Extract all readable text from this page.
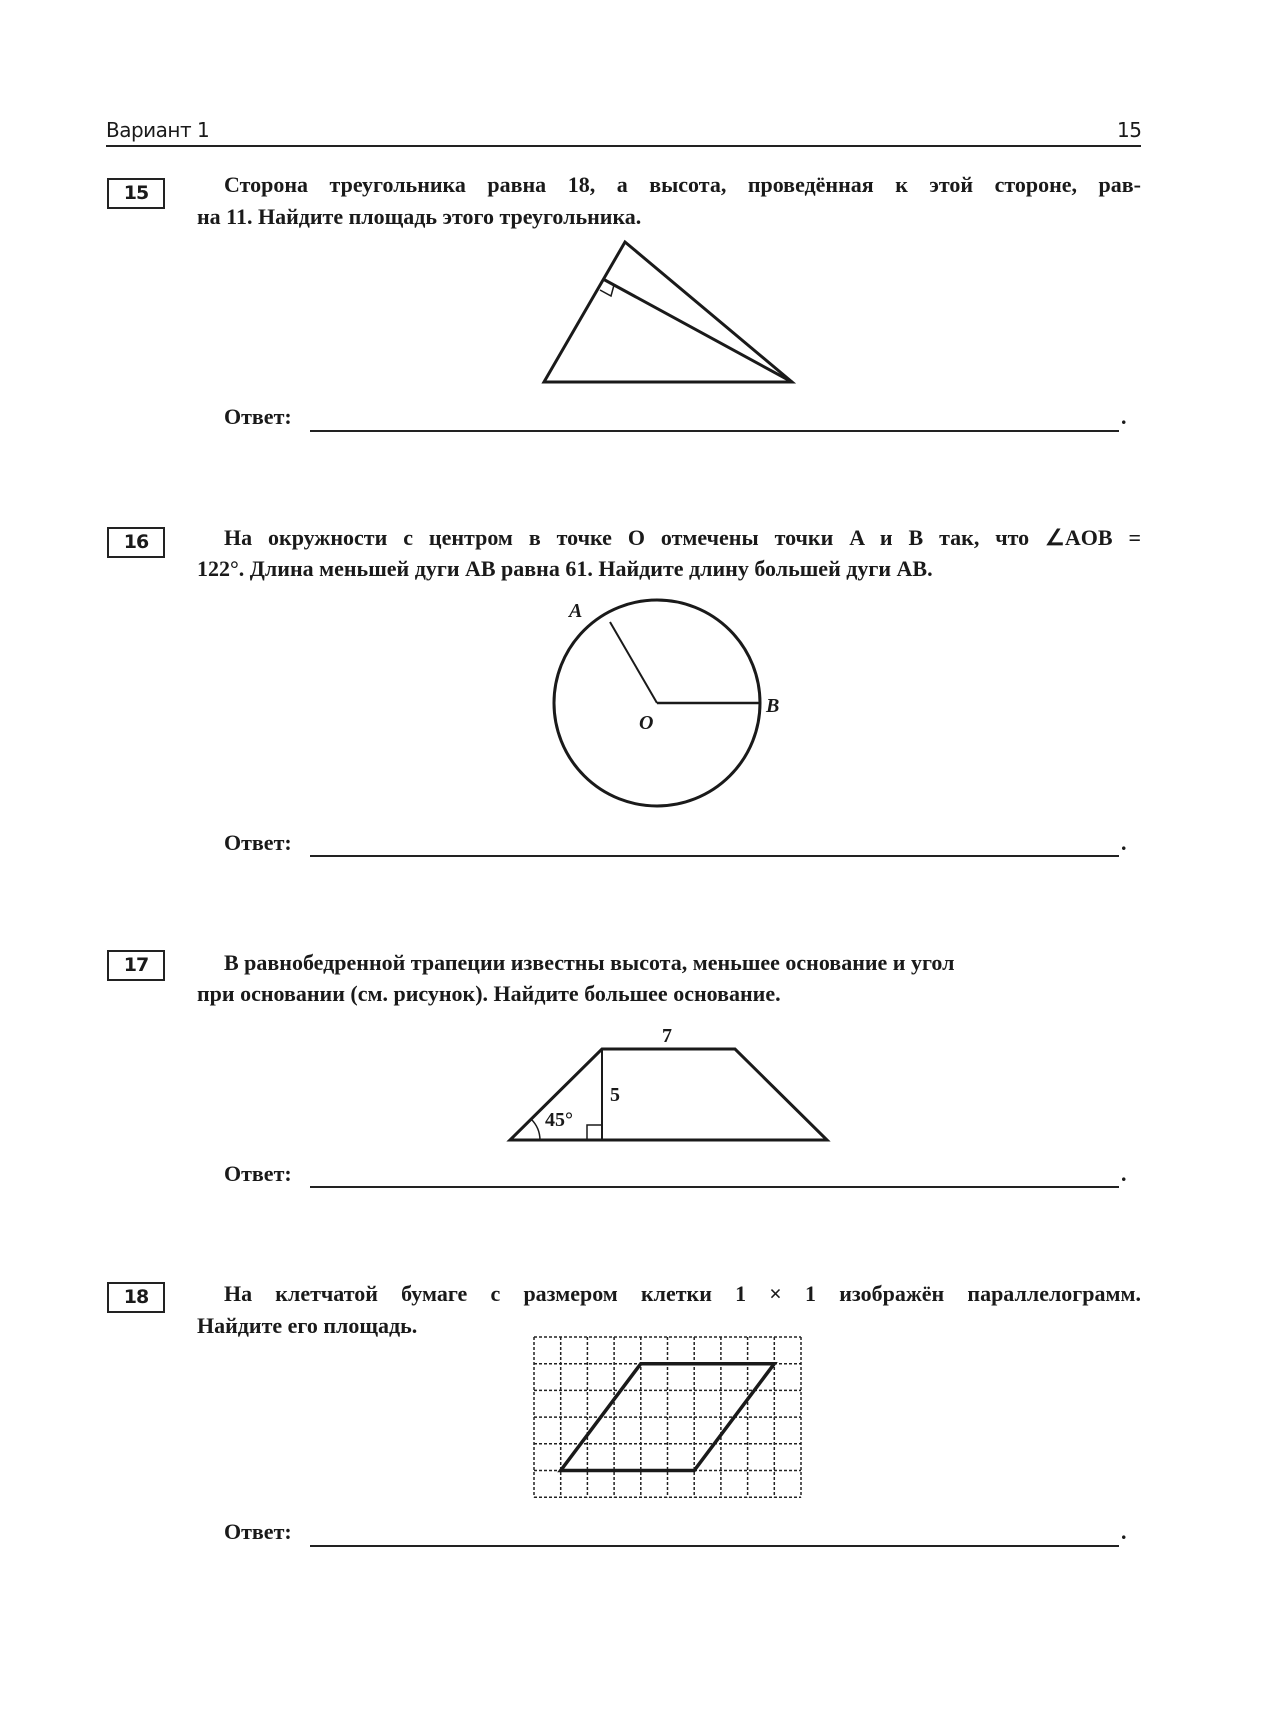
Вариант 1	15
15	Сторона треугольника равна 18, а высота, проведённая к этой стороне, рав-
на 11. Найдите площадь этого треугольника.
Ответ:	.
16	На окружности с центром в точке O отмечены точки A и B так, что ∠AOB =
122°. Длина меньшей дуги AB равна 61. Найдите длину большей дуги AB.
Ответ:	.
17	В равнобедренной трапеции известны высота, меньшее основание и угол
при основании (см. рисунок). Найдите большее основание.
Ответ:	.
18	На клетчатой бумаге с размером клетки 1 × 1 изображён параллелограмм.
Найдите его площадь.
Ответ:	.
A
B
O
7
5
45°
